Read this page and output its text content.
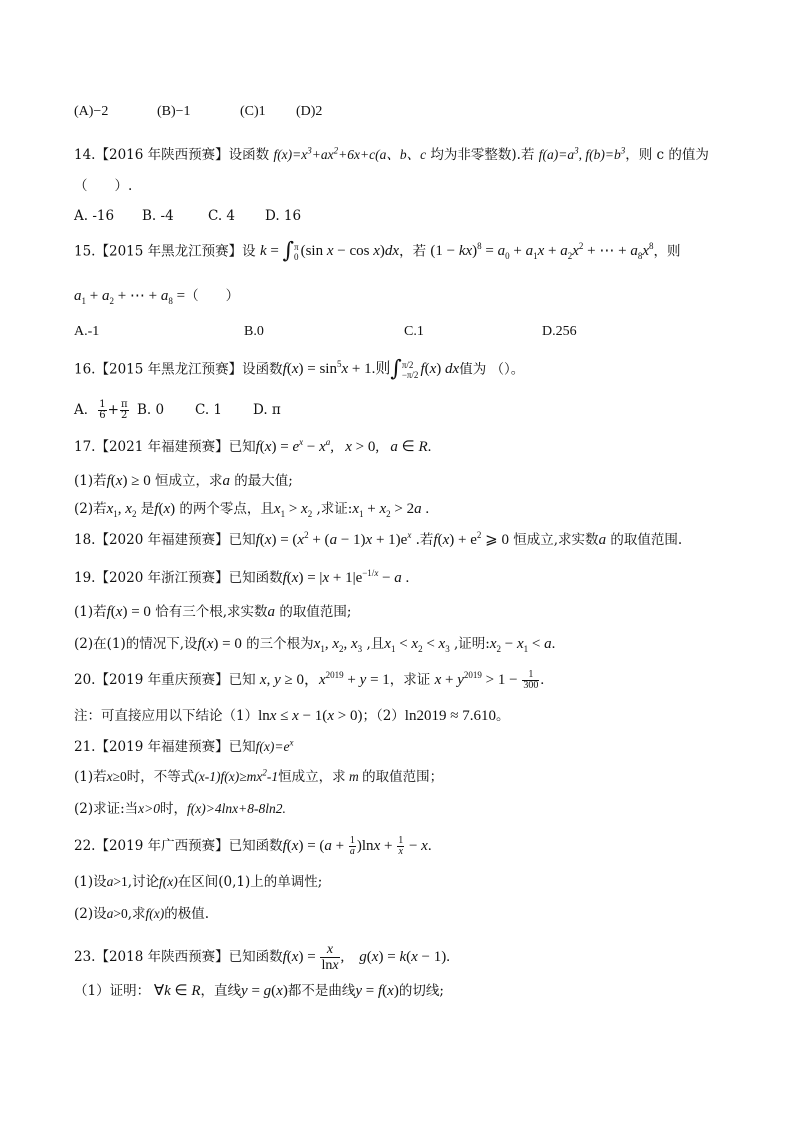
(A)−2	(B)−1	(C)1 (D)2
14.【2016 年陕西预赛】设函数 $f(x)=x^3+ax^2+6x+c(a$、b、c 均为非零整数).若 $f(a)=a^3$, $f(b)=b^3$，则 c 的值为
（　　）.
A. -16 B. -4	C. 4 D. 16
15.【2015 年黑龙江预赛】设 k = ∫ π
0 (sin x − cos x)dx，若 $(1 - kx)^8 = a_0 + a_1x + a_2x^2$ + ⋯ + $a_8x^8$，则
$a_1 + a_2$ + ⋯ + $a_8$ =（　　）
A.-1	B.0	C.1	D.256
16.【2015 年黑龙江预赛】设函数$f(x) = \sin^5x + 1$.则∫ π/2
−π/2 f(x) dx值为 （）。
A． $\frac{1}{6} + \frac{\pi}{2} B$. 0 C. 1 D. π
17.【2021 年福建预赛】已知$f(x) = e^x - x^a$,   x > 0,   a ∈ R.
(1)若f(x) ≥ 0 恒成立，求a 的最大值;
(2)若$x_1$, $x_2$ 是f(x) 的两个零点，且$x_1 > x_2$ ,求证$:x_1 + x_2 > 2a$ .
18.【2020 年福建预赛】已知$f(x) = (x^2 + (a - 1)x + 1)e^x$ .若$f(x) + e^2$ ⩾ 0 恒成立,求实数a 的取值范围.
19.【2020 年浙江预赛】已知函数$f(x) = |x + 1|e^{-1/x} - a$ .
(1)若f(x) = 0 恰有三个根,求实数a 的取值范围;
(2)在(1)的情况下,设f(x) = 0 的三个根为$x_1$, $x_2$, $x_3$ ,且$x_1 < x_2 < x_3$ ,证明$:x_2 - x_1 < a$.
20.【2019 年重庆预赛】已知 x, y ≥ 0，$x^{2019} + y = 1$，求证 $x + y^{2019} > 1 - \frac{1}{300}$ .
注：可直接应用以下结论（1）lnx ≤ x − 1(x > 0)；（2）ln2019 ≈ 7.610。
21.【2019 年福建预赛】已知$f(x)=e^x$
(1)若x≥0时，不等式$(x-1)f(x)\ge mx^2-1$恒成立，求 m 的取值范围；
(2)求证:当x>0时，f(x)>4lnx+8-8ln2.
22.【2019 年广西预赛】已知函数$f(x) = (a + \frac{1}{a} )\ln x + \frac{1}{x} - x$.
(1)设a>1,讨论f(x)在区间(0,1)上的单调性;
(2)设a>0,求f(x)的极值.
23.【2018 年陕西预赛】已知函数$f(x) = \frac{x}{\ln x}$ ,    g(x) = k(x − 1).
（1）证明： ∀k ∈ R，直线y = g(x)都不是曲线y = f(x)的切线;
